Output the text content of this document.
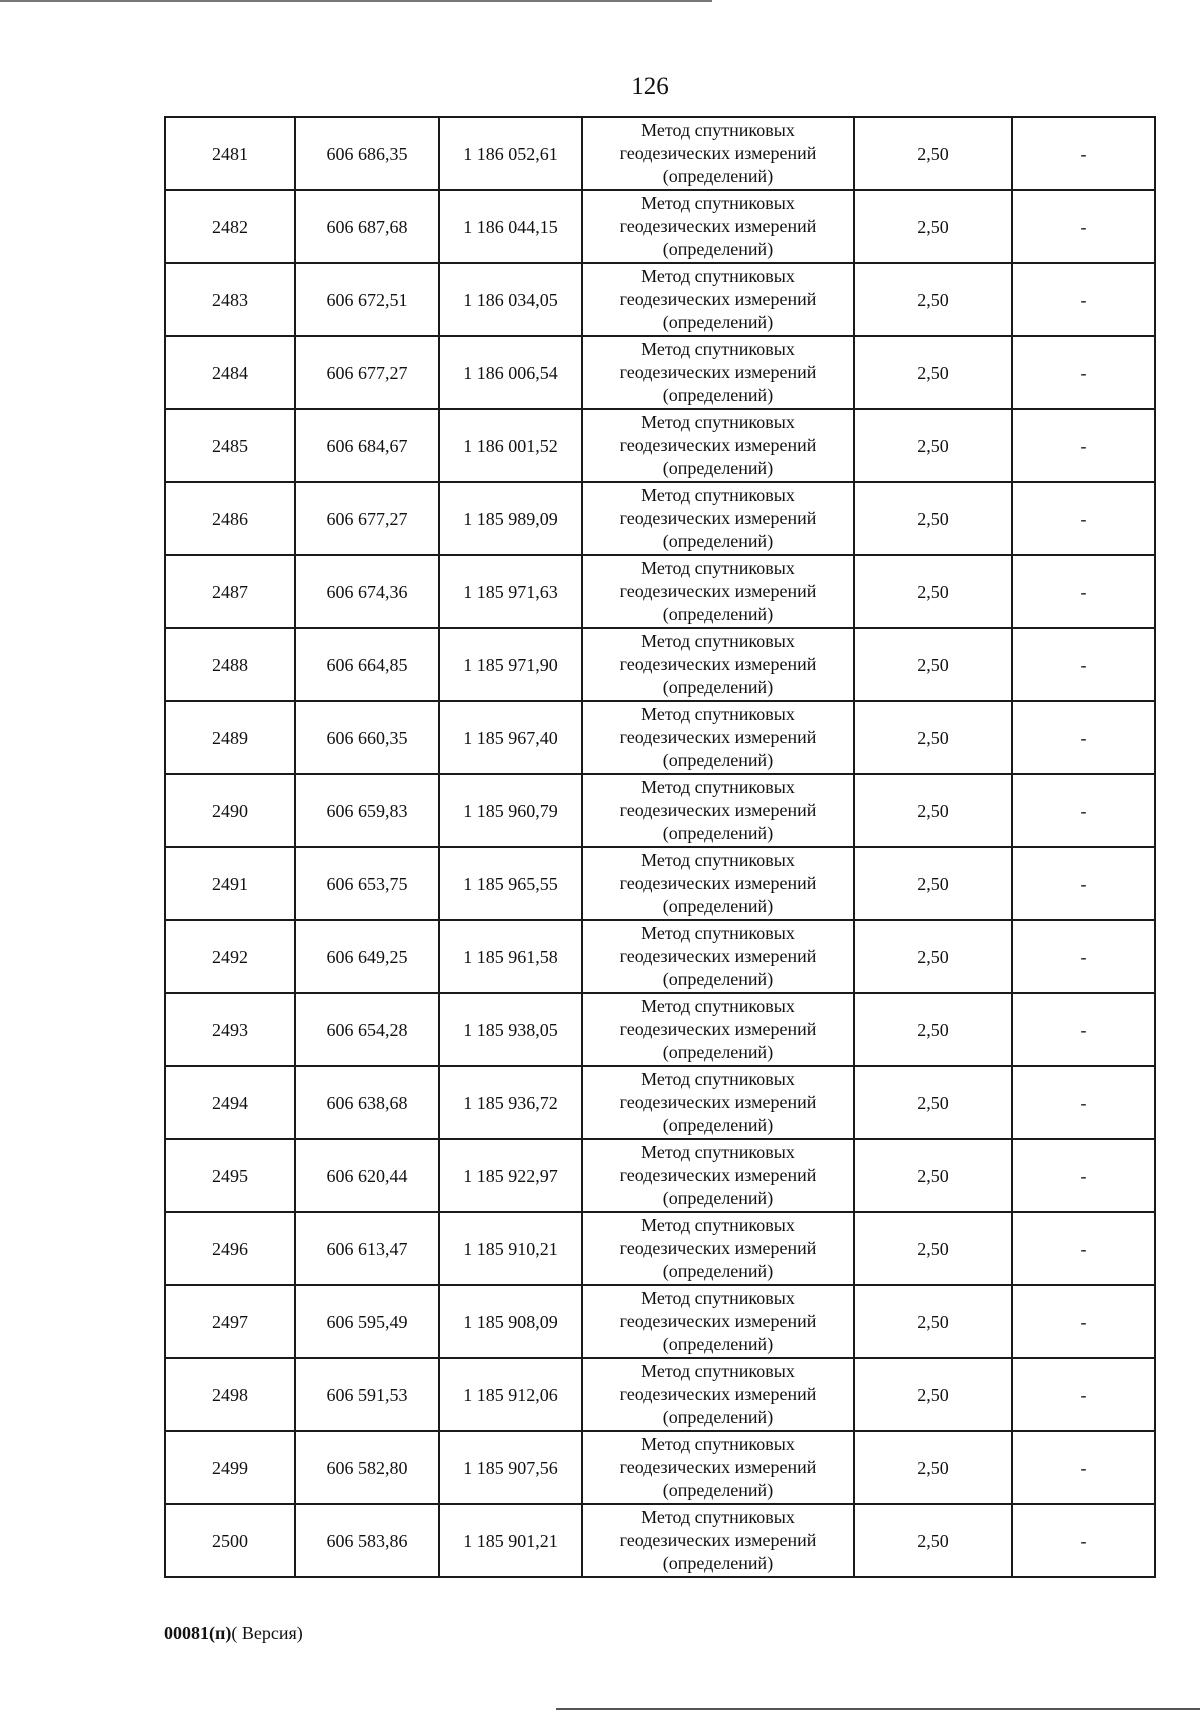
126
2481	606 686,35	1 186 052,61	Метод спутниковых
геодезических измерений
(определений)	2,50	-
2482	606 687,68	1 186 044,15	Метод спутниковых
геодезических измерений
(определений)	2,50	-
2483	606 672,51	1 186 034,05	Метод спутниковых
геодезических измерений
(определений)	2,50	-
2484	606 677,27	1 186 006,54	Метод спутниковых
геодезических измерений
(определений)	2,50	-
2485	606 684,67	1 186 001,52	Метод спутниковых
геодезических измерений
(определений)	2,50	-
2486	606 677,27	1 185 989,09	Метод спутниковых
геодезических измерений
(определений)	2,50	-
2487	606 674,36	1 185 971,63	Метод спутниковых
геодезических измерений
(определений)	2,50	-
2488	606 664,85	1 185 971,90	Метод спутниковых
геодезических измерений
(определений)	2,50	-
2489	606 660,35	1 185 967,40	Метод спутниковых
геодезических измерений
(определений)	2,50	-
2490	606 659,83	1 185 960,79	Метод спутниковых
геодезических измерений
(определений)	2,50	-
2491	606 653,75	1 185 965,55	Метод спутниковых
геодезических измерений
(определений)	2,50	-
2492	606 649,25	1 185 961,58	Метод спутниковых
геодезических измерений
(определений)	2,50	-
2493	606 654,28	1 185 938,05	Метод спутниковых
геодезических измерений
(определений)	2,50	-
2494	606 638,68	1 185 936,72	Метод спутниковых
геодезических измерений
(определений)	2,50	-
2495	606 620,44	1 185 922,97	Метод спутниковых
геодезических измерений
(определений)	2,50	-
2496	606 613,47	1 185 910,21	Метод спутниковых
геодезических измерений
(определений)	2,50	-
2497	606 595,49	1 185 908,09	Метод спутниковых
геодезических измерений
(определений)	2,50	-
2498	606 591,53	1 185 912,06	Метод спутниковых
геодезических измерений
(определений)	2,50	-
2499	606 582,80	1 185 907,56	Метод спутниковых
геодезических измерений
(определений)	2,50	-
2500	606 583,86	1 185 901,21	Метод спутниковых
геодезических измерений
(определений)	2,50	-
00081(п)( Версия)
